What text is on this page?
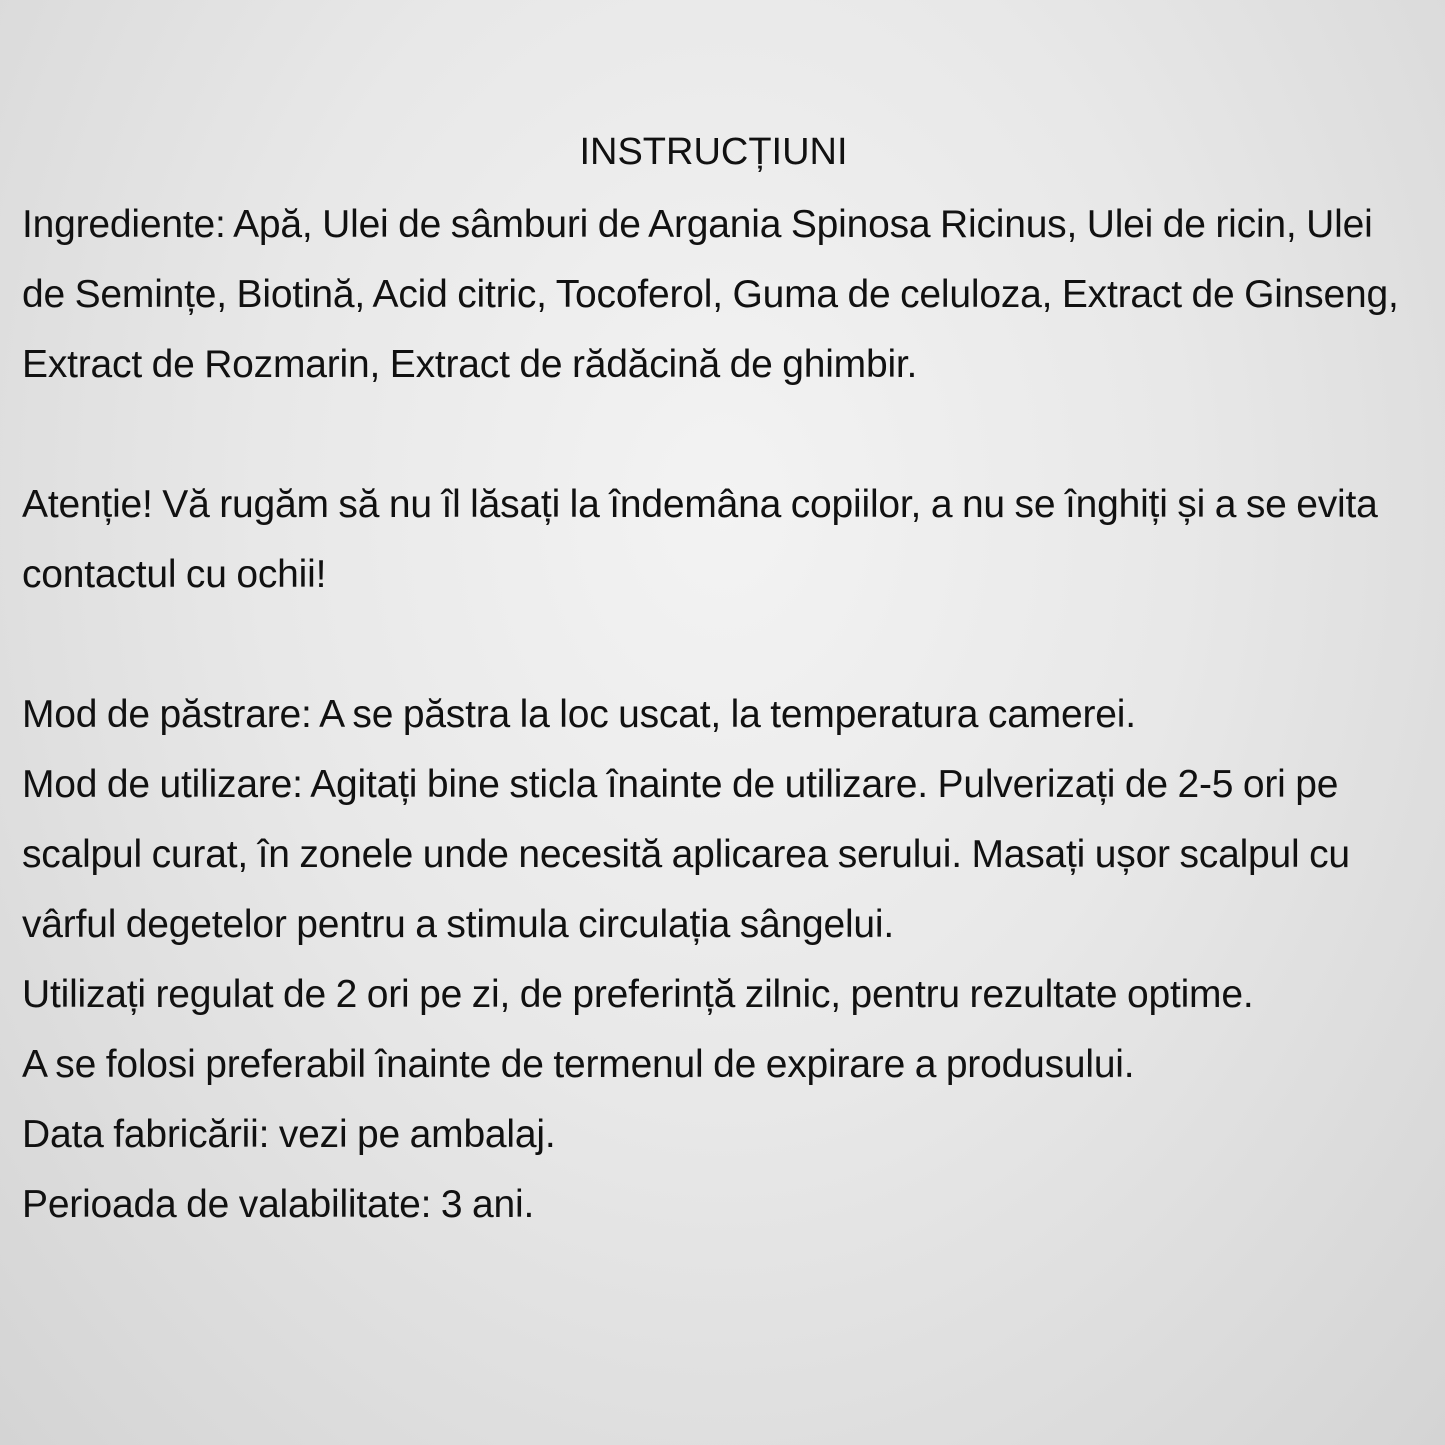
INSTRUCȚIUNI

Ingrediente: Apă, Ulei de sâmburi de Argania Spinosa Ricinus, Ulei de ricin, Ulei de Semințe, Biotină, Acid citric, Tocoferol, Guma de celuloza, Extract de Ginseng, Extract de Rozmarin, Extract de rădăcină de ghimbir.

Atenție! Vă rugăm să nu îl lăsați la îndemâna copiilor, a nu se înghiți și a se evita contactul cu ochii!

Mod de păstrare: A se păstra la loc uscat, la temperatura camerei.

Mod de utilizare: Agitați bine sticla înainte de utilizare. Pulverizați de 2-5 ori pe scalpul curat, în zonele unde necesită aplicarea serului. Masați ușor scalpul cu vârful degetelor pentru a stimula circulația sângelui.

Utilizați regulat de 2 ori pe zi, de preferință zilnic, pentru rezultate optime.

A se folosi preferabil înainte de termenul de expirare a produsului.

Data fabricării: vezi pe ambalaj.

Perioada de valabilitate: 3 ani.
